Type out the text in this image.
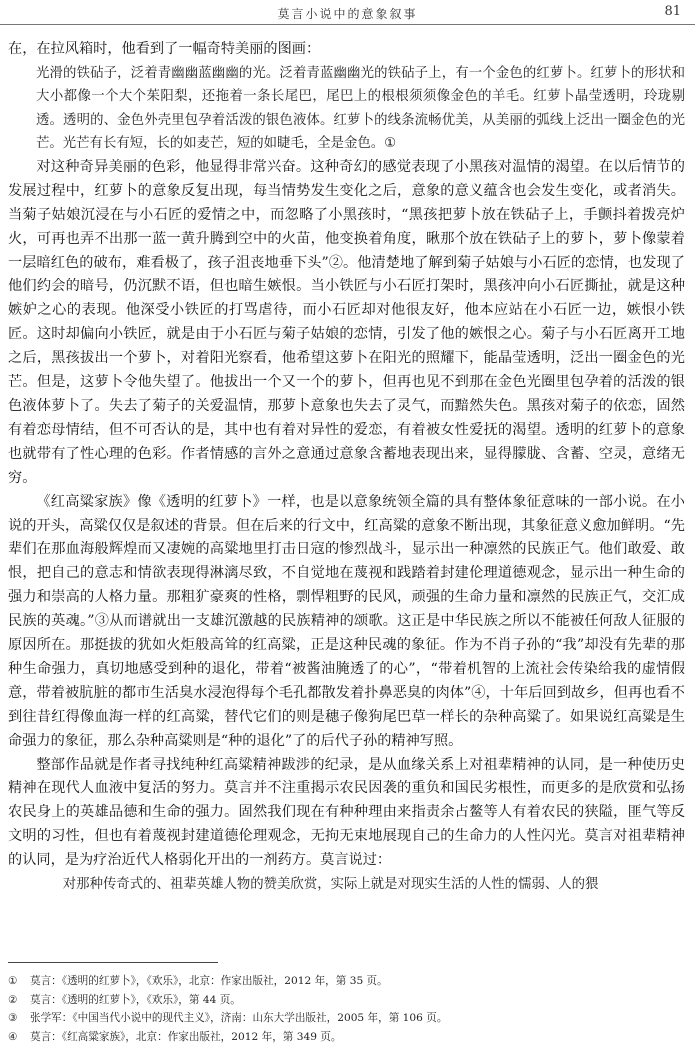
莫言小说中的意象叙事	81

在，在拉风箱时，他看到了一幅奇特美丽的图画：

光滑的铁砧子，泛着青幽幽蓝幽幽的光。泛着青蓝幽幽光的铁砧子上，有一个金色的红萝卜。红萝卜的形状和大小都像一个大个茱阳梨，还拖着一条长尾巴，尾巴上的根根须须像金色的羊毛。红萝卜晶莹透明，玲珑剔透。透明的、金色外壳里包孕着活泼的银色液体。红萝卜的线条流畅优美，从美丽的弧线上泛出一圈金色的光芒。光芒有长有短，长的如麦芒，短的如睫毛，全是金色。①

对这种奇异美丽的色彩，他显得非常兴奋。这种奇幻的感觉表现了小黑孩对温情的渴望。在以后情节的发展过程中，红萝卜的意象反复出现，每当情势发生变化之后，意象的意义蕴含也会发生变化，或者消失。当菊子姑娘沉浸在与小石匠的爱情之中，而忽略了小黑孩时，“黑孩把萝卜放在铁砧子上，手颤抖着拨亮炉火，可再也弄不出那一蓝一黄升腾到空中的火苗，他变换着角度，瞅那个放在铁砧子上的萝卜，萝卜像蒙着一层暗红色的破布，难看极了，孩子沮丧地垂下头”②。他清楚地了解到菊子姑娘与小石匠的恋情，也发现了他们约会的暗号，仍沉默不语，但也暗生嫉恨。当小铁匠与小石匠打架时，黑孩冲向小石匠撕扯，就是这种嫉妒之心的表现。他深受小铁匠的打骂虐待，而小石匠却对他很友好，他本应站在小石匠一边，嫉恨小铁匠。这时却偏向小铁匠，就是由于小石匠与菊子姑娘的恋情，引发了他的嫉恨之心。菊子与小石匠离开工地之后，黑孩拔出一个萝卜，对着阳光察看，他希望这萝卜在阳光的照耀下，能晶莹透明，泛出一圈金色的光芒。但是，这萝卜令他失望了。他拔出一个又一个的萝卜，但再也见不到那在金色光圈里包孕着的活泼的银色液体萝卜了。失去了菊子的关爱温情，那萝卜意象也失去了灵气，而黯然失色。黑孩对菊子的依恋，固然有着恋母情结，但不可否认的是，其中也有着对异性的爱恋，有着被女性爱抚的渴望。透明的红萝卜的意象也就带有了性心理的色彩。作者情感的言外之意通过意象含蓄地表现出来，显得朦胧、含蓄、空灵，意绪无穷。

《红高粱家族》像《透明的红萝卜》一样，也是以意象统领全篇的具有整体象征意味的一部小说。在小说的开头，高粱仅仅是叙述的背景。但在后来的行文中，红高粱的意象不断出现，其象征意义愈加鲜明。“先辈们在那血海般辉煌而又凄婉的高粱地里打击日寇的惨烈战斗，显示出一种凛然的民族正气。他们敢爱、敢恨，把自己的意志和情欲表现得淋漓尽致，不自觉地在蔑视和践踏着封建伦理道德观念，显示出一种生命的强力和崇高的人格力量。那粗犷豪爽的性格，剽悍粗野的民风，顽强的生命力量和凛然的民族正气，交汇成民族的英魂。”③从而谱就出一支雄沉激越的民族精神的颂歌。这正是中华民族之所以不能被任何敌人征服的原因所在。那挺拔的犹如火炬般高耸的红高粱，正是这种民魂的象征。作为不肖子孙的“我”却没有先辈的那种生命强力，真切地感受到种的退化，带着“被酱油腌透了的心”，“带着机智的上流社会传染给我的虚情假意，带着被肮脏的都市生活臭水浸泡得每个毛孔都散发着扑鼻恶臭的肉体”④，十年后回到故乡，但再也看不到往昔红得像血海一样的红高粱，替代它们的则是穗子像狗尾巴草一样长的杂种高粱了。如果说红高粱是生命强力的象征，那么杂种高粱则是“种的退化”了的后代子孙的精神写照。

整部作品就是作者寻找纯种红高粱精神跋涉的纪录，是从血缘关系上对祖辈精神的认同，是一种使历史精神在现代人血液中复活的努力。莫言并不注重揭示农民因袭的重负和国民劣根性，而更多的是欣赏和弘扬农民身上的英雄品德和生命的强力。固然我们现在有种种理由来指责余占鳌等人有着农民的狭隘，匪气等反文明的习性，但也有着蔑视封建道德伦理观念，无拘无束地展现自己的生命力的人性闪光。莫言对祖辈精神的认同，是为疗治近代人格弱化开出的一剂药方。莫言说过：

对那种传奇式的、祖辈英雄人物的赞美欣赏，实际上就是对现实生活的人性的懦弱、人的猥

①	莫言：《透明的红萝卜》，《欢乐》，北京：作家出版社，2012 年，第 35 页。
②	莫言：《透明的红萝卜》，《欢乐》，第 44 页。
③	张学军：《中国当代小说中的现代主义》，济南：山东大学出版社，2005 年，第 106 页。
④	莫言：《红高粱家族》，北京：作家出版社，2012 年，第 349 页。
